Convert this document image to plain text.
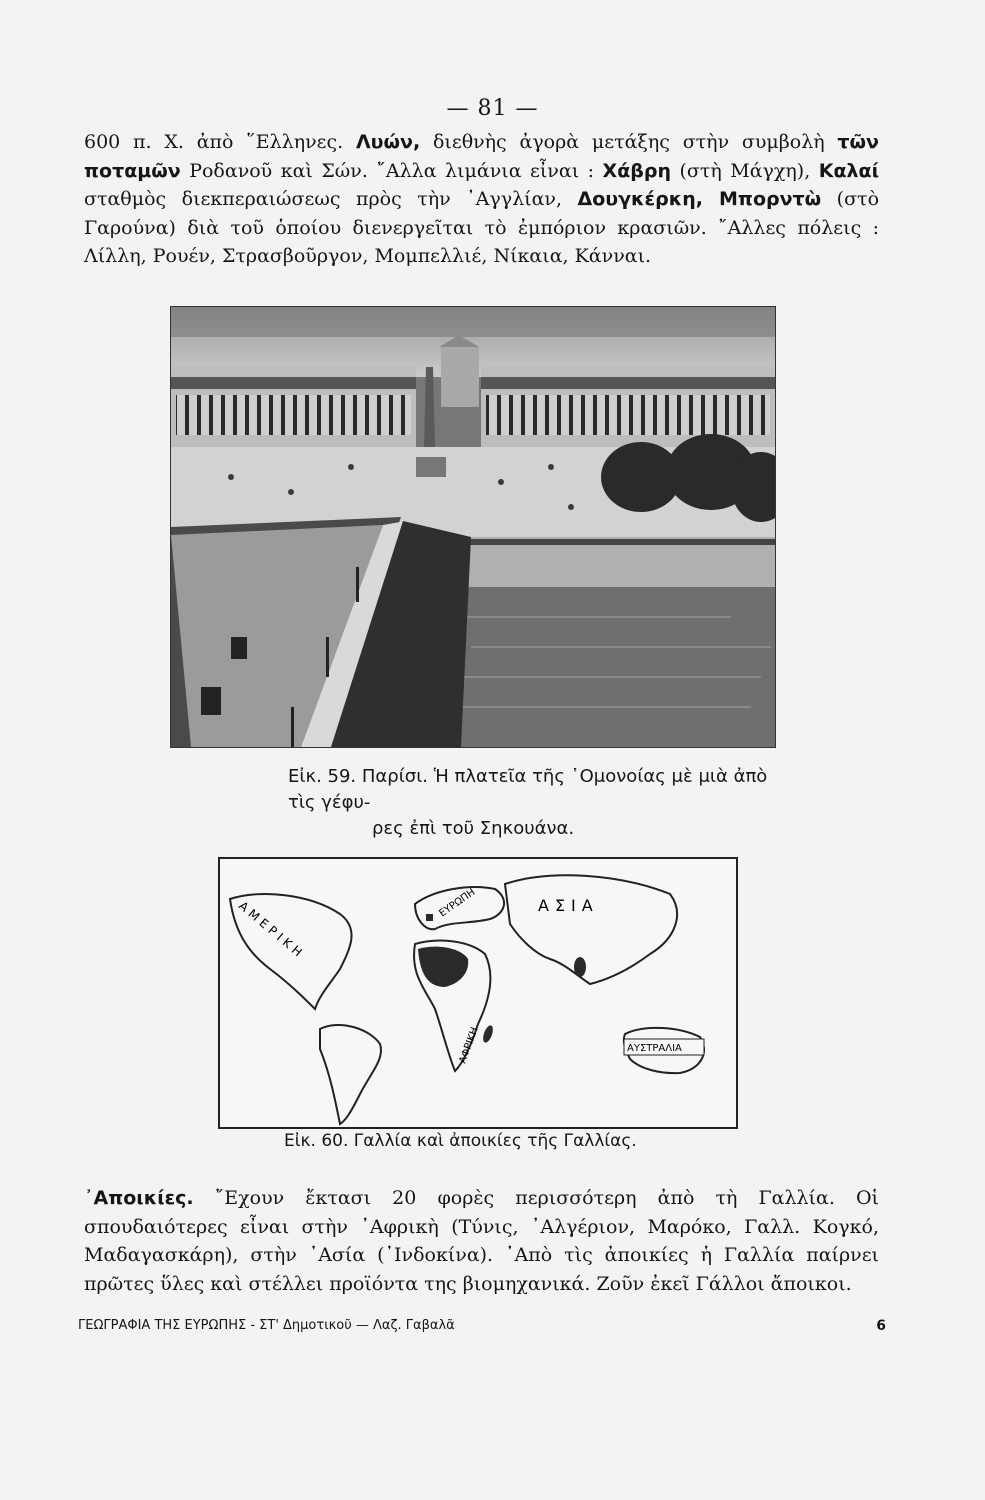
— 81 —
600 π. Χ. ἀπὸ ῞Ελληνες. Λυών, διεθνὴς ἀγορὰ μετάξης στὴν συμβολὴ τῶν ποταμῶν Ροδανοῦ καὶ Σών. ῎Αλλα λιμάνια εἶναι : Χάβρη (στὴ Μάγχη), Καλαί σταθμὸς διεκπεραιώσεως πρὸς τὴν ᾿Αγγλίαν, Δουγκέρκη, Μπορντὼ (στὸ Γαρούνα) διὰ τοῦ ὁποίου διενεργεῖται τὸ ἐμπόριον κρασιῶν. ῎Αλλες πόλεις : Λίλλη, Ρουέν, Στρασβοῦργον, Μομπελλιέ, Νίκαια, Κάνναι.
Εἰκ. 59. Παρίσι. Ἡ πλατεῖα τῆς ῾Ομονοίας μὲ μιὰ ἀπὸ τὶς γέφυ-
ρες ἐπὶ τοῦ Σηκουάνα.
ΕΥΡΩΠΗ	ΑΣΙΑ
ΑΜΕΡΙΚΗ
ΑΦΡΙΚΗ	ΑΥΣΤΡΑΛΙΑ
Εἰκ. 60. Γαλλία καὶ ἀποικίες τῆς Γαλλίας.
᾿Αποικίες. ῎Εχουν ἔκτασι 20 φορὲς περισσότερη ἀπὸ τὴ Γαλλία. Οἱ σπουδαιότερες εἶναι στὴν ᾿Αφρικὴ (Τύνις, ᾿Αλγέριον, Μαρόκο, Γαλλ. Κογκό, Μαδαγασκάρη), στὴν ᾿Ασία (᾿Ινδοκίνα). ᾿Απὸ τὶς ἀποικίες ἡ Γαλλία παίρνει πρῶτες ὕλες καὶ στέλλει προϊόντα της βιομηχανικά. Ζοῦν ἐκεῖ Γάλλοι ἄποικοι.
ΓΕΩΓΡΑΦΙΑ ΤΗΣ ΕΥΡΩΠΗΣ - ΣΤ' Δημοτικοῦ — Λαζ. Γαβαλᾶ	6
